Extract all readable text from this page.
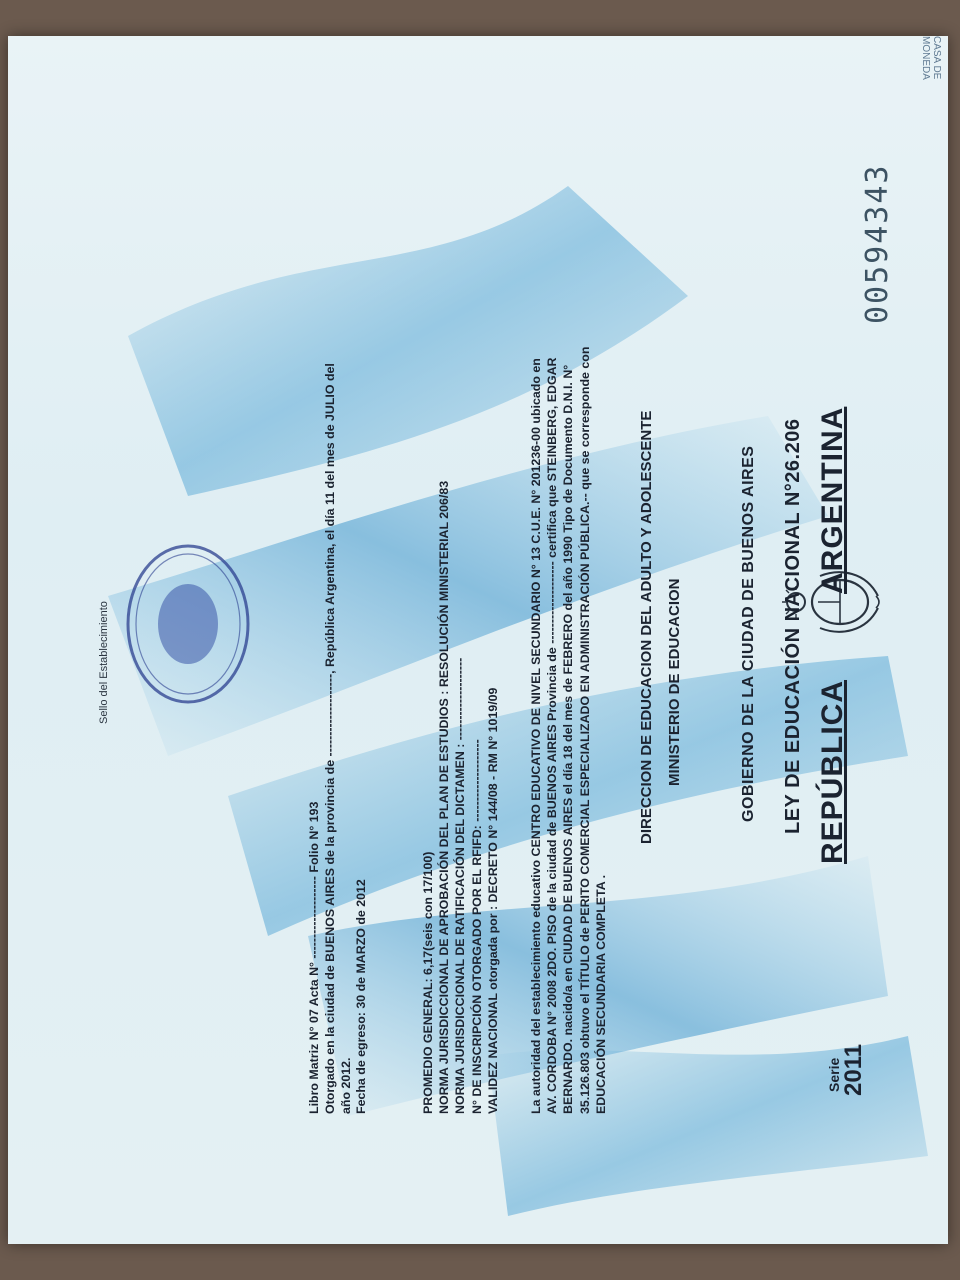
Serie
2011
REPÚBLICA
ARGENTINA
LEY DE EDUCACIÓN NACIONAL N°26.206
GOBIERNO DE LA CIUDAD DE BUENOS AIRES
MINISTERIO DE EDUCACION
DIRECCION DE EDUCACION DEL ADULTO Y ADOLESCENTE
00594343
CASA DE MONEDA
La autoridad del establecimiento educativo CENTRO EDUCATIVO DE NIVEL SECUNDARIO N° 13 C.U.E. N° 201236-00 ubicado en AV. CORDOBA N° 2008 2DO. PISO de la ciudad de BUENOS AIRES Provincia de -------------------- certifica que STEINBERG, EDGAR BERNARDO. nacido/a en CIUDAD DE BUENOS AIRES el día 18 del mes de FEBRERO del año 1990 Tipo de Documento D.N.I. N° 35.126.803 obtuvo el TÍTULO de PERITO COMERCIAL ESPECIALIZADO EN ADMINISTRACIÓN PÚBLICA.-- que se corresponde con EDUCACIÓN SECUNDARIA COMPLETA .
PROMEDIO GENERAL: 6,17(seis con 17/100) NORMA JURISDICCIONAL DE APROBACIÓN DEL PLAN DE ESTUDIOS : RESOLUCIÓN MINISTERIAL 206/83 NORMA JURISDICCIONAL DE RATIFICACIÓN DEL DICTAMEN : -------------------- N° DE INSCRIPCIÓN OTORGADO POR EL RFIFD: -------------------- VALIDEZ NACIONAL otorgada por : DECRETO N° 144/08 - RM N° 1019/09
Fecha de egreso: 30 de MARZO de 2012
Libro Matriz N° 07 Acta N° -------------------- Folio N° 193 Otorgado en la ciudad de BUENOS AIRES de la provincia de --------------------, República Argentina, el día 11 del mes de JULIO del año 2012.
Sello del Establecimiento
